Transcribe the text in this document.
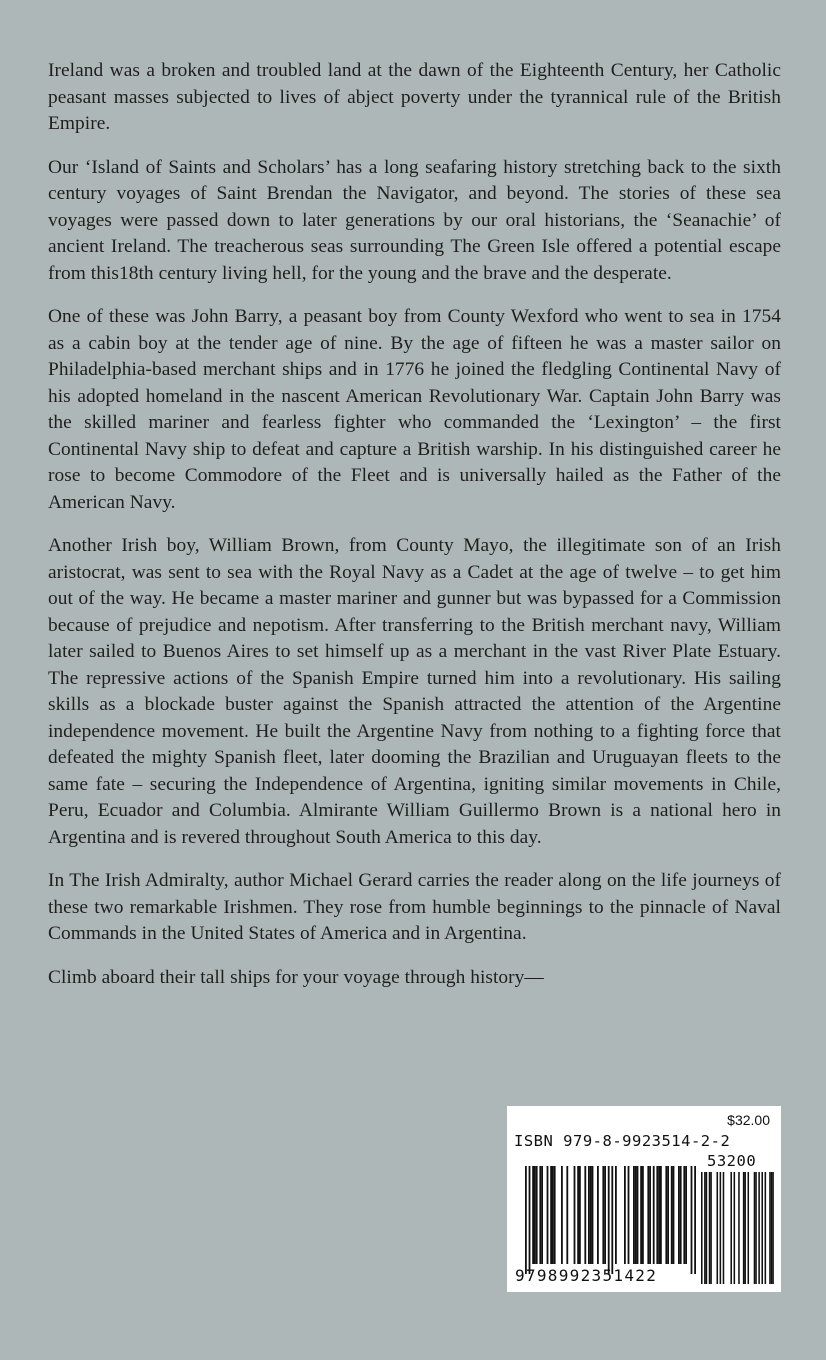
Ireland was a broken and troubled land at the dawn of the Eighteenth Century, her Catholic peasant masses subjected to lives of abject poverty under the tyrannical rule of the British Empire.

Our ‘Island of Saints and Scholars’ has a long seafaring history stretching back to the sixth century voyages of Saint Brendan the Navigator, and beyond. The stories of these sea voyages were passed down to later generations by our oral historians, the ‘Seanachie’ of ancient Ireland. The treacherous seas surrounding The Green Isle offered a potential escape from this18th century living hell, for the young and the brave and the desperate.

One of these was John Barry, a peasant boy from County Wexford who went to sea in 1754 as a cabin boy at the tender age of nine. By the age of fifteen he was a master sailor on Philadelphia-based merchant ships and in 1776 he joined the fledgling Continental Navy of his adopted homeland in the nascent American Revolutionary War. Captain John Barry was the skilled mariner and fearless fighter who commanded the ‘Lexington’ – the first Continental Navy ship to defeat and capture a British warship. In his distinguished career he rose to become Commodore of the Fleet and is universally hailed as the Father of the American Navy.

Another Irish boy, William Brown, from County Mayo, the illegitimate son of an Irish aristocrat, was sent to sea with the Royal Navy as a Cadet at the age of twelve – to get him out of the way. He became a master mariner and gunner but was bypassed for a Commission because of prejudice and nepotism. After transferring to the British merchant navy, William later sailed to Buenos Aires to set himself up as a merchant in the vast River Plate Estuary. The repressive actions of the Spanish Empire turned him into a revolutionary. His sailing skills as a blockade buster against the Spanish attracted the attention of the Argentine independence movement. He built the Argentine Navy from nothing to a fighting force that defeated the mighty Spanish fleet, later dooming the Brazilian and Uruguayan fleets to the same fate – securing the Independence of Argentina, igniting similar movements in Chile, Peru, Ecuador and Columbia. Almirante William Guillermo Brown is a national hero in Argentina and is revered throughout South America to this day.

In The Irish Admiralty, author Michael Gerard carries the reader along on the life journeys of these two remarkable Irishmen. They rose from humble beginnings to the pinnacle of Naval Commands in the United States of America and in Argentina.

Climb aboard their tall ships for your voyage through history—

$32.00
ISBN 979-8-9923514-2-2
53200
9798992351422
